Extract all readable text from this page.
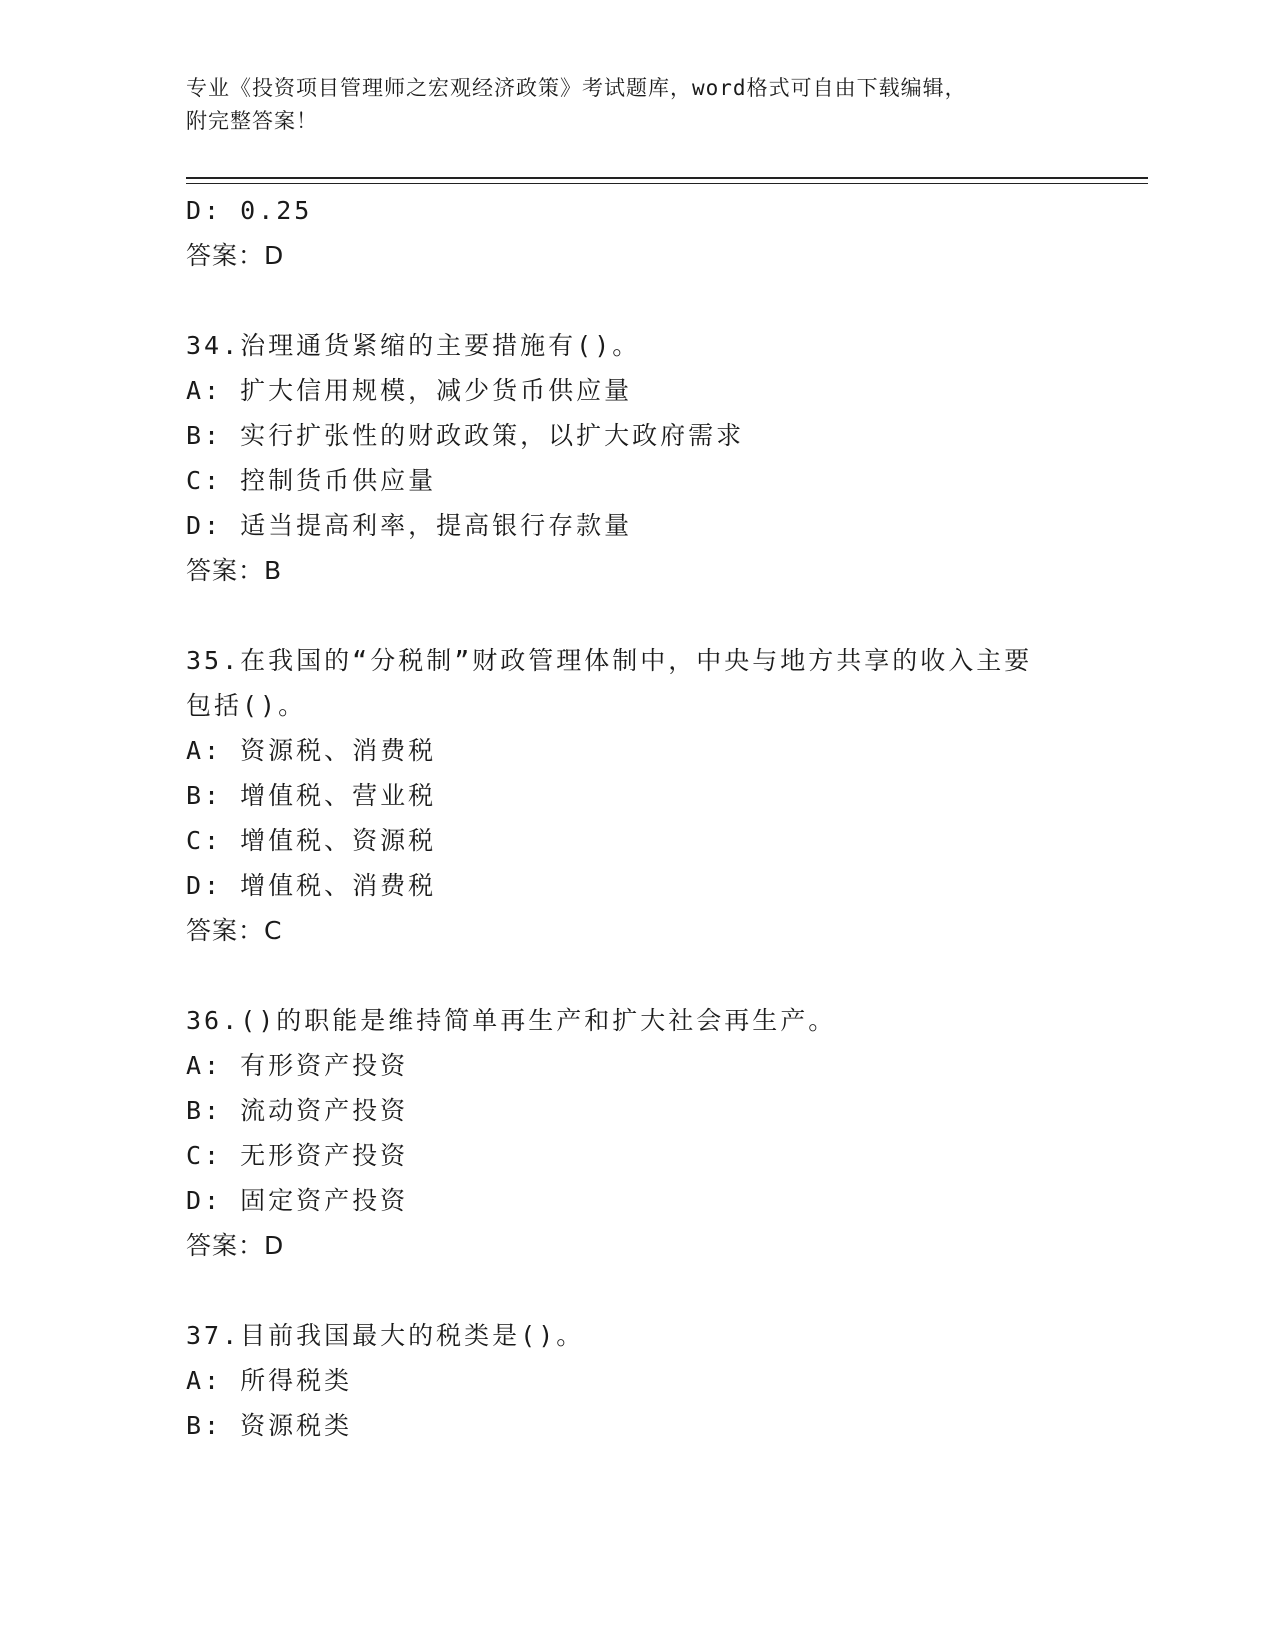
专业《投资项目管理师之宏观经济政策》考试题库，word格式可自由下载编辑，
附完整答案！
D: 0.25
答案：D
34.治理通货紧缩的主要措施有()。
A: 扩大信用规模，减少货币供应量
B: 实行扩张性的财政政策，以扩大政府需求
C: 控制货币供应量
D: 适当提高利率，提高银行存款量
答案：B
35.在我国的“分税制”财政管理体制中，中央与地方共享的收入主要
包括()。
A: 资源税、消费税
B: 增值税、营业税
C: 增值税、资源税
D: 增值税、消费税
答案：C
36.()的职能是维持简单再生产和扩大社会再生产。
A: 有形资产投资
B: 流动资产投资
C: 无形资产投资
D: 固定资产投资
答案：D
37.目前我国最大的税类是()。
A: 所得税类
B: 资源税类
